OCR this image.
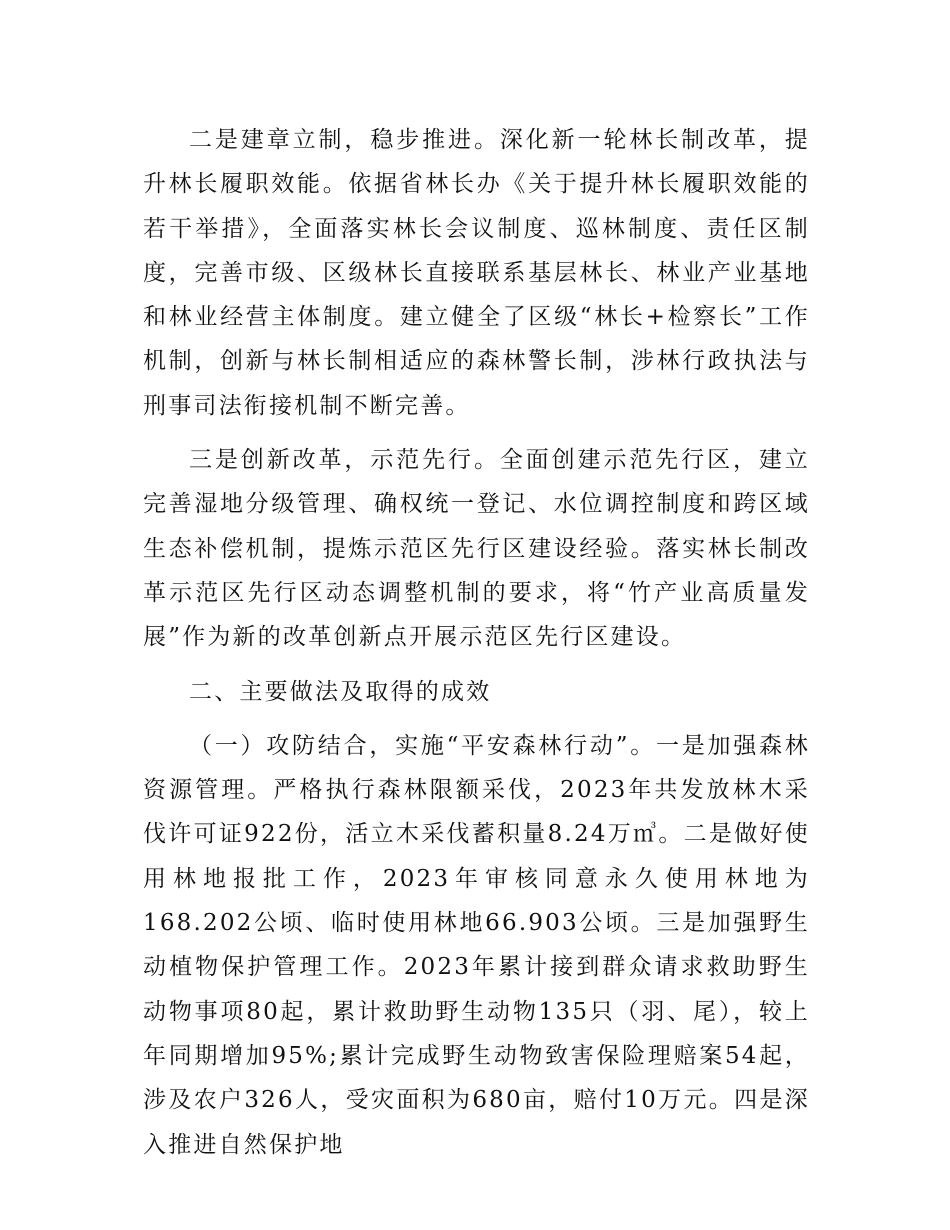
二是建章立制，稳步推进。深化新一轮林长制改革，提升林长履职效能。依据省林长办《关于提升林长履职效能的若干举措》，全面落实林长会议制度、巡林制度、责任区制度，完善市级、区级林长直接联系基层林长、林业产业基地和林业经营主体制度。建立健全了区级“林长+检察长”工作机制，创新与林长制相适应的森林警长制，涉林行政执法与刑事司法衔接机制不断完善。

三是创新改革，示范先行。全面创建示范先行区，建立完善湿地分级管理、确权统一登记、水位调控制度和跨区域生态补偿机制，提炼示范区先行区建设经验。落实林长制改革示范区先行区动态调整机制的要求，将“竹产业高质量发展”作为新的改革创新点开展示范区先行区建设。

二、主要做法及取得的成效

（一）攻防结合，实施“平安森林行动”。一是加强森林资源管理。严格执行森林限额采伐，2023年共发放林木采伐许可证922份，活立木采伐蓄积量8.24万㎥。二是做好使用林地报批工作，2023年审核同意永久使用林地为168.202公顷、临时使用林地66.903公顷。三是加强野生动植物保护管理工作。2023年累计接到群众请求救助野生动物事项80起，累计救助野生动物135只（羽、尾），较上年同期增加95%;累计完成野生动物致害保险理赔案54起，涉及农户326人，受灾面积为680亩，赔付10万元。四是深入推进自然保护地
